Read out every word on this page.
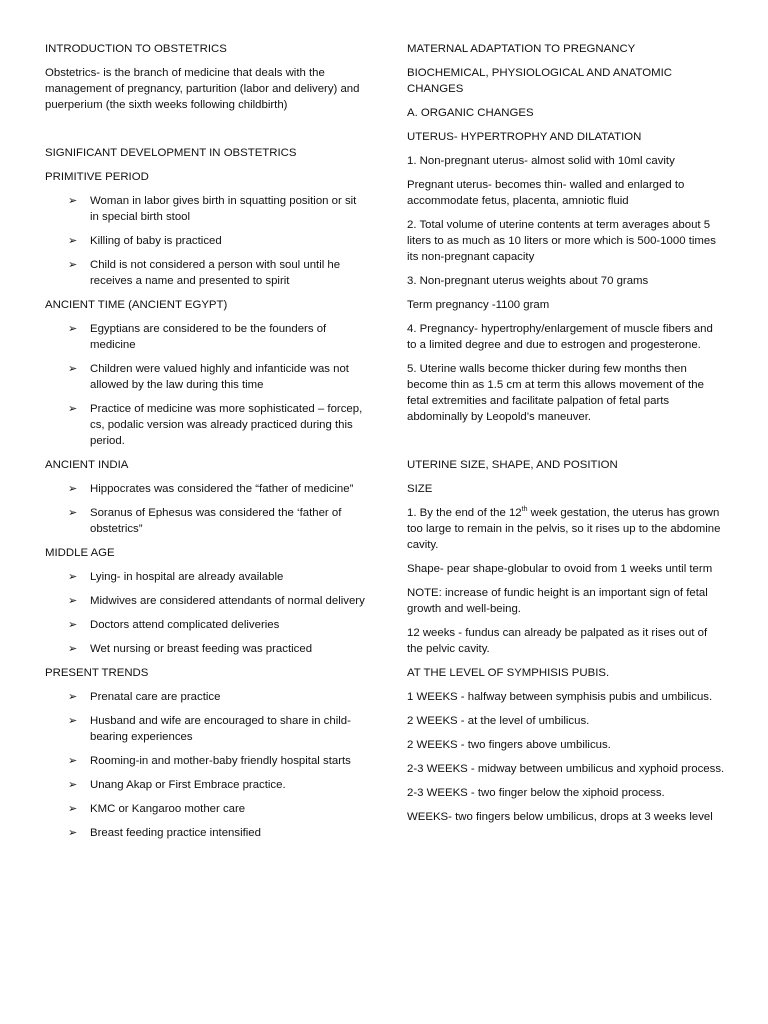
INTRODUCTION TO OBSTETRICS

Obstetrics- is the branch of medicine that deals with the management of pregnancy, parturition (labor and delivery) and puerperium (the sixth weeks following childbirth)

SIGNIFICANT DEVELOPMENT IN OBSTETRICS

PRIMITIVE PERIOD

➢ Woman in labor gives birth in squatting position or sit in special birth stool
➢ Killing of baby is practiced
➢ Child is not considered a person with soul until he receives a name and presented to spirit

ANCIENT TIME (ANCIENT EGYPT)

➢ Egyptians are considered to be the founders of medicine
➢ Children were valued highly and infanticide was not allowed by the law during this time
➢ Practice of medicine was more sophisticated – forcep, cs, podalic version was already practiced during this period.

ANCIENT INDIA

➢ Hippocrates was considered the “father of medicine”
➢ Soranus of Ephesus was considered the ‘father of obstetrics”

MIDDLE AGE

➢ Lying- in hospital are already available
➢ Midwives are considered attendants of normal delivery
➢ Doctors attend complicated deliveries
➢ Wet nursing or breast feeding was practiced

PRESENT TRENDS

➢ Prenatal care are practice
➢ Husband and wife are encouraged to share in child-bearing experiences
➢ Rooming-in and mother-baby friendly hospital starts
➢ Unang Akap or First Embrace practice.
➢ KMC or Kangaroo mother care
➢ Breast feeding practice intensified

MATERNAL ADAPTATION TO PREGNANCY

BIOCHEMICAL, PHYSIOLOGICAL AND ANATOMIC CHANGES

A. ORGANIC CHANGES

UTERUS- HYPERTROPHY AND DILATATION

1. Non-pregnant uterus- almost solid with 10ml cavity

Pregnant uterus- becomes thin- walled and enlarged to accommodate fetus, placenta, amniotic fluid

2. Total volume of uterine contents at term averages about 5 liters to as much as 10 liters or more which is 500-1000 times its non-pregnant capacity

3. Non-pregnant uterus weights about 70 grams

Term pregnancy -1100 gram

4. Pregnancy- hypertrophy/enlargement of muscle fibers and to a limited degree and due to estrogen and progesterone.

5. Uterine walls become thicker during few months then become thin as 1.5 cm at term this allows movement of the fetal extremities and facilitate palpation of fetal parts abdominally by Leopold’s maneuver.

UTERINE SIZE, SHAPE, AND POSITION

SIZE

1. By the end of the 12th week gestation, the uterus has grown too large to remain in the pelvis, so it rises up to the abdomine cavity.

Shape- pear shape-globular to ovoid from 1 weeks until term

NOTE: increase of fundic height is an important sign of fetal growth and well-being.

12 weeks - fundus can already be palpated as it rises out of the pelvic cavity.

AT THE LEVEL OF SYMPHISIS PUBIS.

1 WEEKS - halfway between symphisis pubis and umbilicus.

2 WEEKS - at the level of umbilicus.

2 WEEKS - two fingers above umbilicus.

2-3 WEEKS - midway between umbilicus and xyphoid process.

2-3 WEEKS - two finger below the xiphoid process.

WEEKS- two fingers below umbilicus, drops at 3 weeks level
